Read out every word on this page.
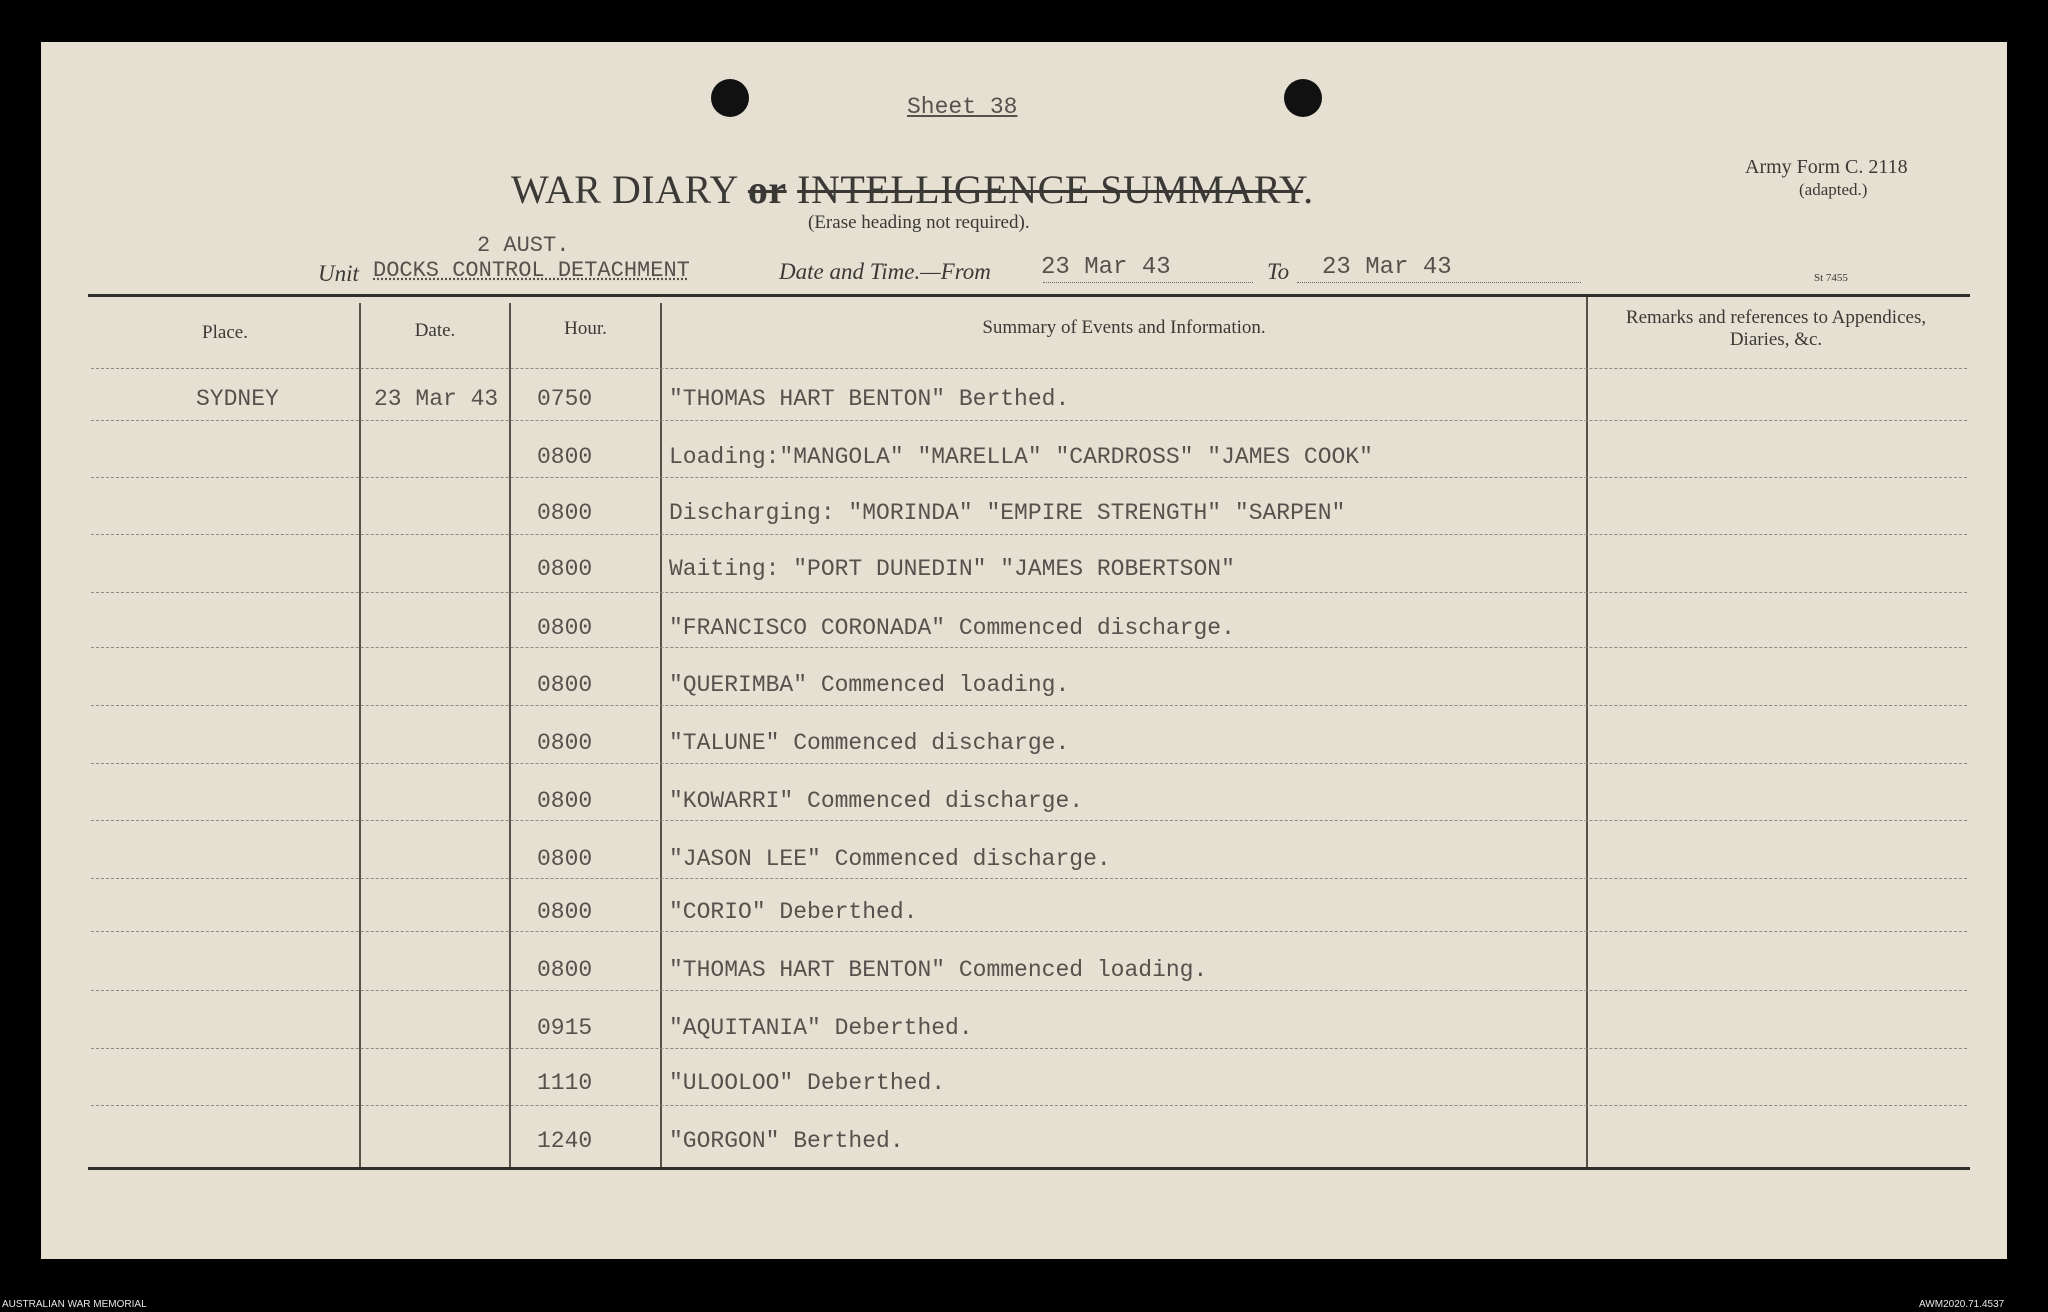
Sheet 38
WAR DIARY or INTELLIGENCE SUMMARY.
(Erase heading not required).
Army Form C. 2118
(adapted.)
St 7455
Unit
2 AUST.
DOCKS CONTROL DETACHMENT	Date and Time.—From 23 Mar 43	To 23 Mar 43
Place.	Date.	Hour.	Summary of Events and Information.	Remarks and references to Appendices, Diaries, &c.
SYDNEY	23 Mar 43 0750	"THOMAS HART BENTON" Berthed.
0800	Loading:"MANGOLA" "MARELLA" "CARDROSS" "JAMES COOK"
0800	Discharging: "MORINDA" "EMPIRE STRENGTH" "SARPEN"
0800	Waiting: "PORT DUNEDIN" "JAMES ROBERTSON"
0800	"FRANCISCO CORONADA" Commenced discharge.
0800	"QUERIMBA" Commenced loading.
0800	"TALUNE" Commenced discharge.
0800	"KOWARRI" Commenced discharge.
0800	"JASON LEE" Commenced discharge.
0800	"CORIO" Deberthed.
0800	"THOMAS HART BENTON" Commenced loading.
0915	"AQUITANIA" Deberthed.
1110	"ULOOLOO" Deberthed.
1240	"GORGON" Berthed.
AUSTRALIAN WAR MEMORIAL	AWM2020.71.4537
